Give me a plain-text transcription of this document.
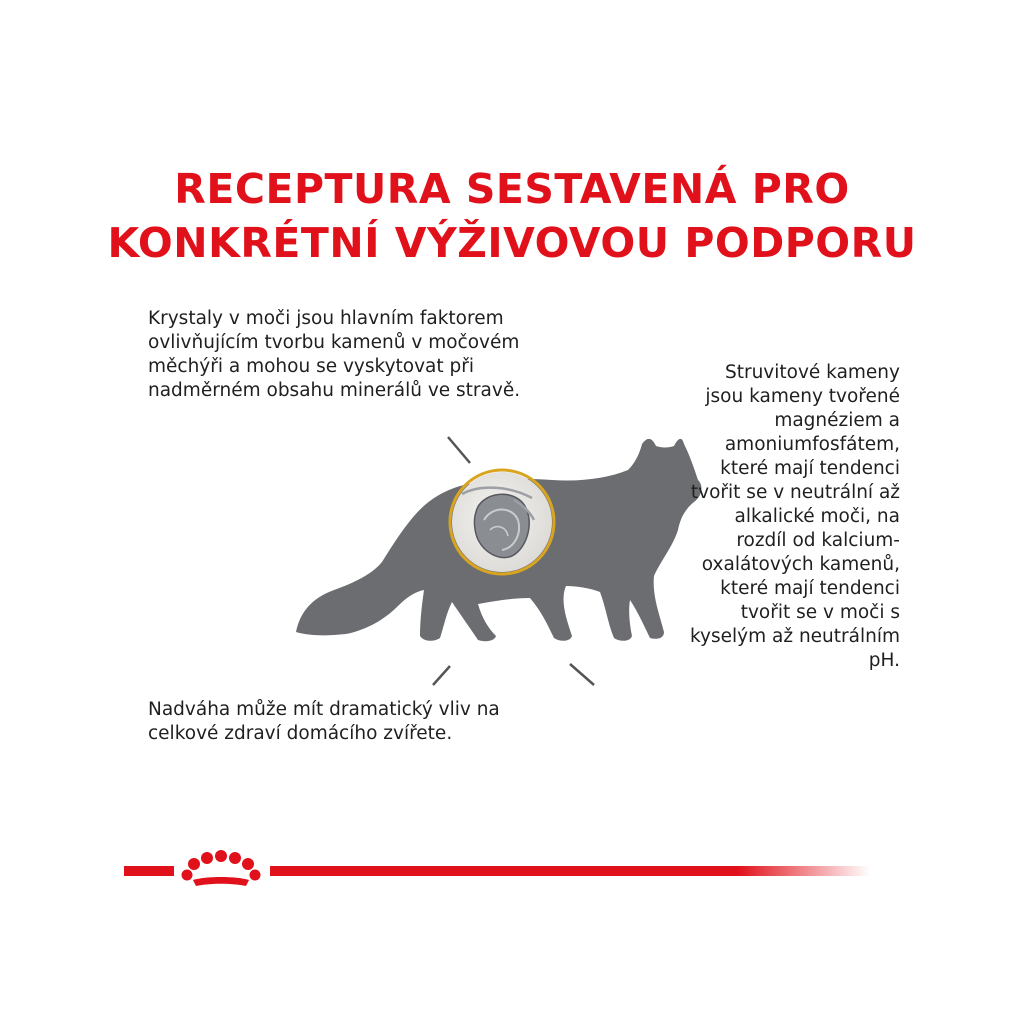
RECEPTURA SESTAVENÁ PRO
KONKRÉTNÍ VÝŽIVOVOU PODPORU
Krystaly v moči jsou hlavním faktorem ovlivňujícím tvorbu kamenů v močovém měchýři a mohou se vyskytovat při nadměrném obsahu minerálů ve stravě.
Struvitové kameny jsou kameny tvořené magnéziem a amoniumfosfátem, které mají tendenci tvořit se v neutrální až alkalické moči, na rozdíl od kalcium-oxalátových kamenů, které mají tendenci tvořit se v moči s kyselým až neutrálním pH.
Nadváha může mít dramatický vliv na celkové zdraví domácího zvířete.
